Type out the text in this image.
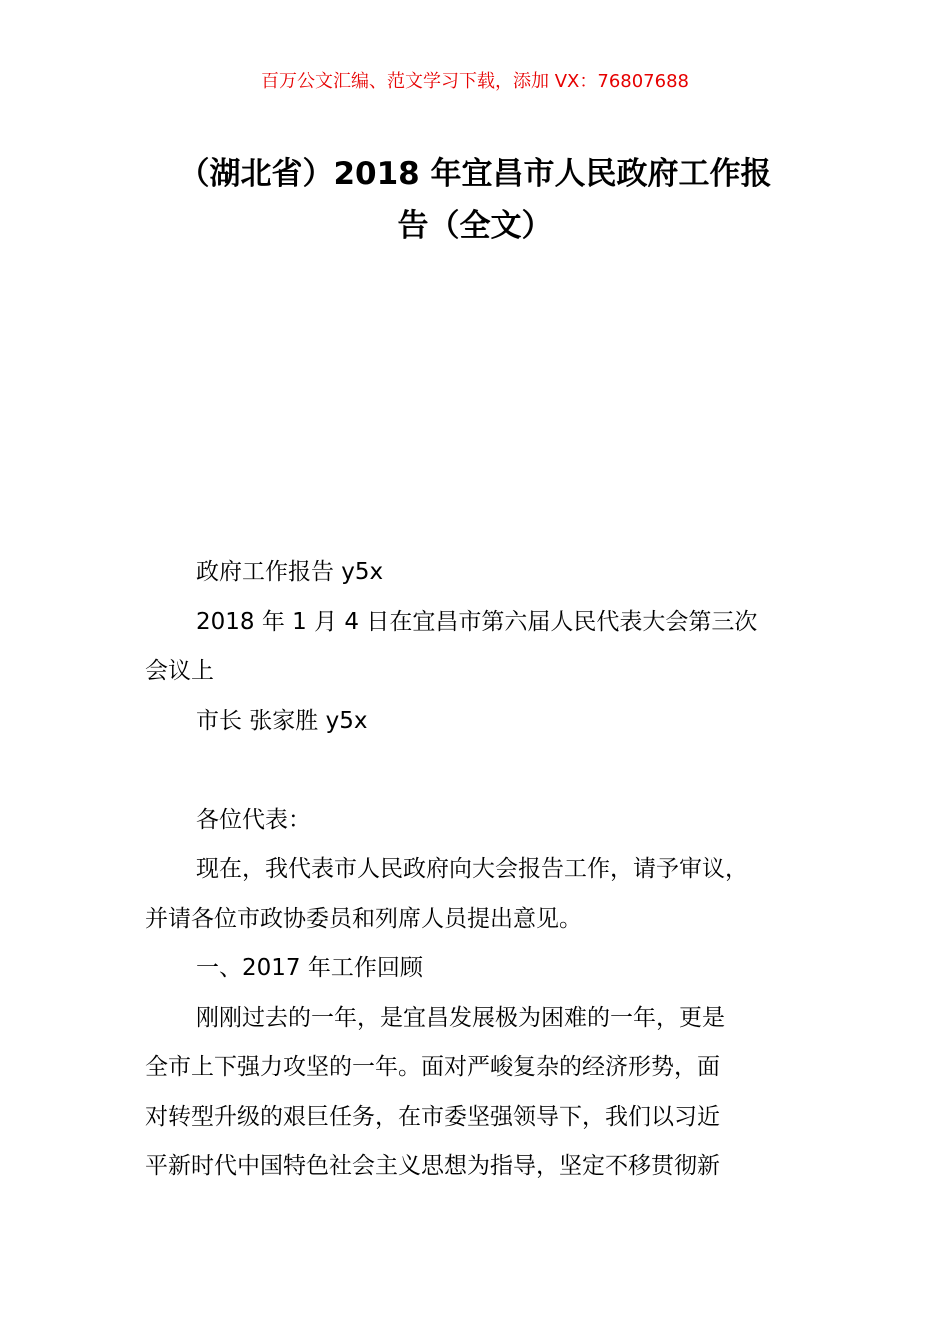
百万公文汇编、范文学习下载，添加 VX：76807688
（湖北省）2018 年宜昌市人民政府工作报
告（全文）
政府工作报告 y5x
2018 年 1 月 4 日在宜昌市第六届人民代表大会第三次
会议上
市长 张家胜 y5x
各位代表：
现在，我代表市人民政府向大会报告工作，请予审议，
并请各位市政协委员和列席人员提出意见。
一、2017 年工作回顾
刚刚过去的一年，是宜昌发展极为困难的一年，更是
全市上下强力攻坚的一年。面对严峻复杂的经济形势，面
对转型升级的艰巨任务，在市委坚强领导下，我们以习近
平新时代中国特色社会主义思想为指导，坚定不移贯彻新
